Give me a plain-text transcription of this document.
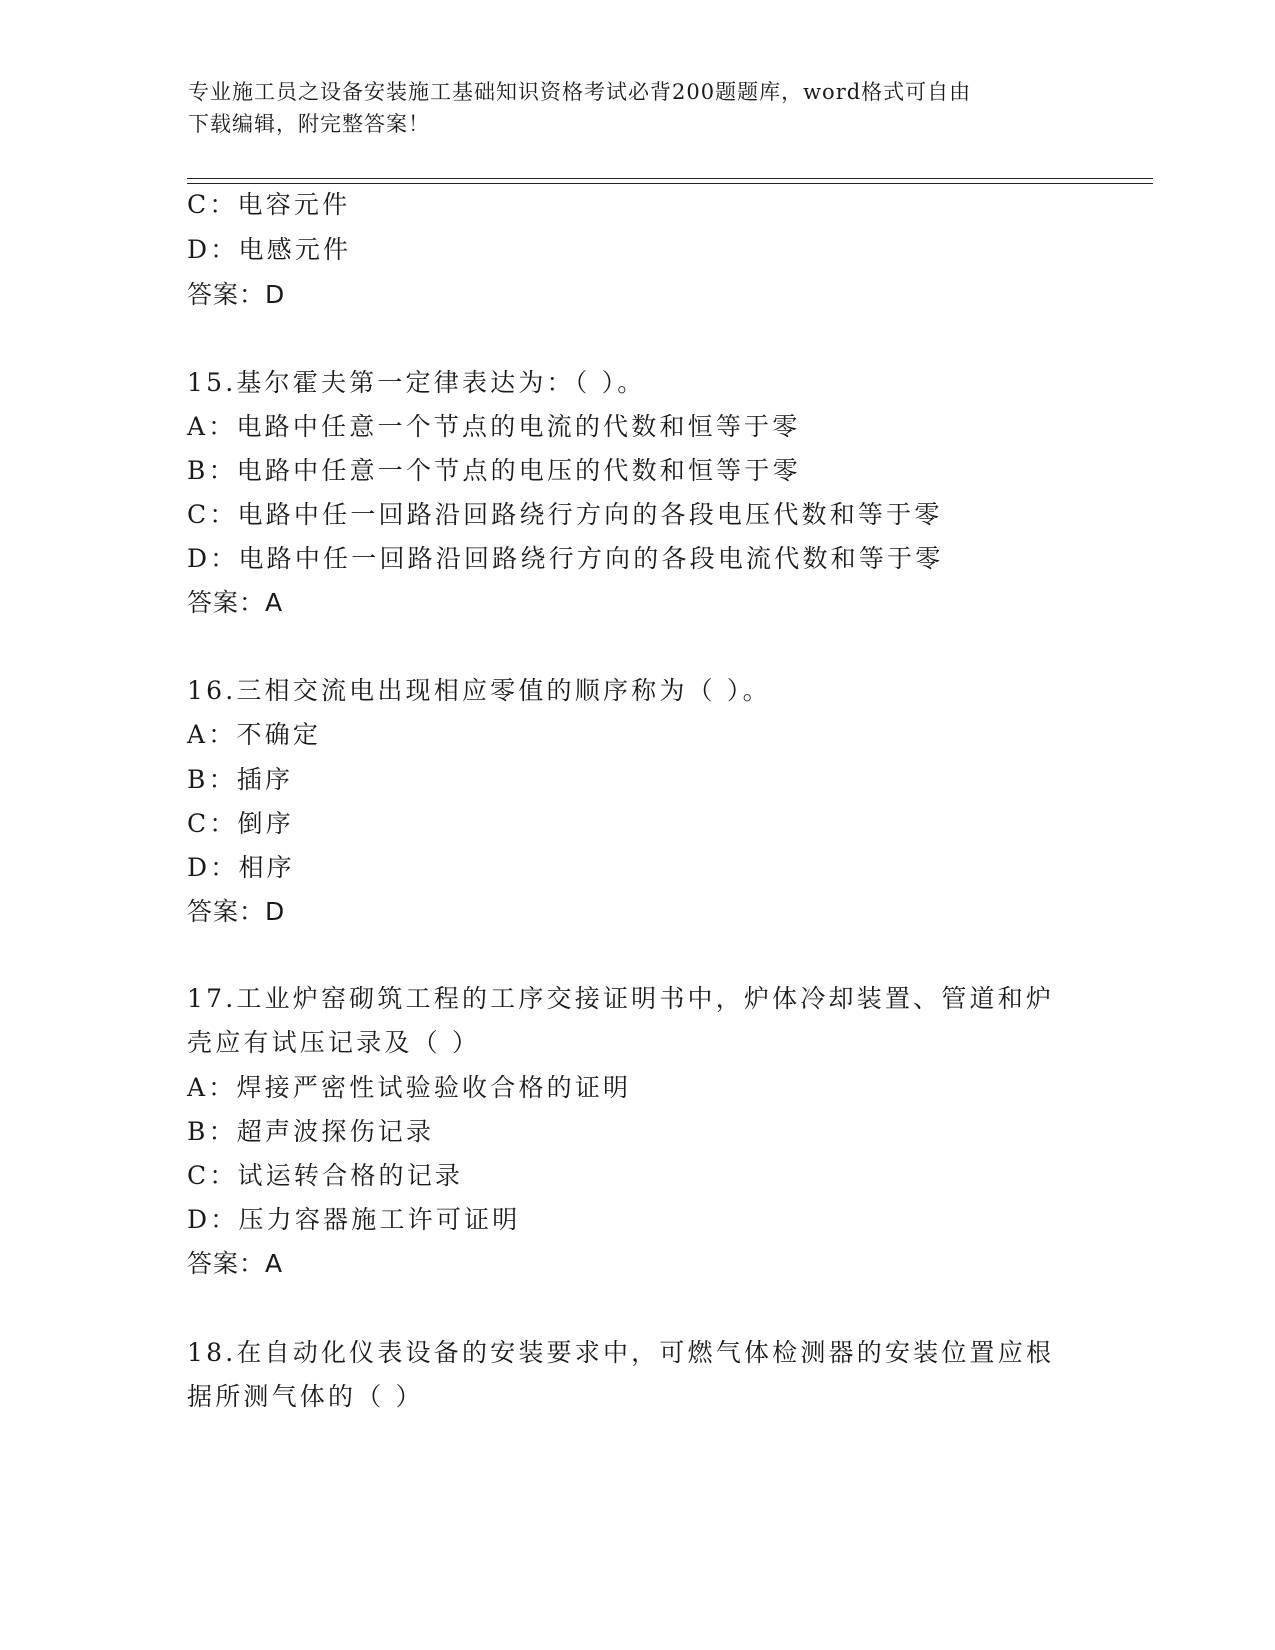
专业施工员之设备安装施工基础知识资格考试必背200题题库，word格式可自由
下载编辑，附完整答案！
C：电容元件
D：电感元件
答案：D
15.基尔霍夫第一定律表达为：（ ）。
A：电路中任意一个节点的电流的代数和恒等于零
B：电路中任意一个节点的电压的代数和恒等于零
C：电路中任一回路沿回路绕行方向的各段电压代数和等于零
D：电路中任一回路沿回路绕行方向的各段电流代数和等于零
答案：A
16.三相交流电出现相应零值的顺序称为（ ）。
A：不确定
B：插序
C：倒序
D：相序
答案：D
17.工业炉窑砌筑工程的工序交接证明书中，炉体冷却装置、管道和炉
壳应有试压记录及（ ）
A：焊接严密性试验验收合格的证明
B：超声波探伤记录
C：试运转合格的记录
D：压力容器施工许可证明
答案：A
18.在自动化仪表设备的安装要求中，可燃气体检测器的安装位置应根
据所测气体的（ ）
